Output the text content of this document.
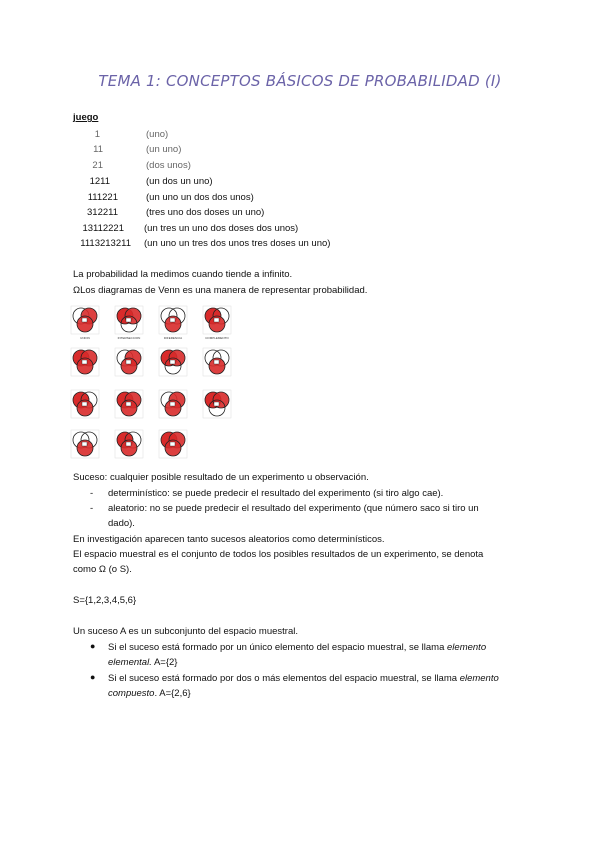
TEMA 1: CONCEPTOS BÁSICOS DE PROBABILIDAD (I)
juego
1	(uno)
11	(un uno)
21	(dos unos)
1211	(un dos un uno)
111221	(un uno un dos dos unos)
312211	(tres uno dos doses un uno)
13112221 (un tres un uno dos doses dos unos)
1113213211 (un uno un tres dos unos tres doses un uno)
La probabilidad la medimos cuando tiende a infinito.
ΩLos diagramas de Venn es una manera de representar probabilidad.
UNION	INTERSECCION	DIFERENCIA	COMPLEMENTO
Suceso: cualquier posible resultado de un experimento u observación.
- determinístico: se puede predecir el resultado del experimento (si tiro algo cae).
- aleatorio: no se puede predecir el resultado del experimento (que número saco si tiro un
dado).
En investigación aparecen tanto sucesos aleatorios como determinísticos.
El espacio muestral es el conjunto de todos los posibles resultados de un experimento, se denota
como Ω (o S).
S={1,2,3,4,5,6}
Un suceso A es un subconjunto del espacio muestral.
● Si el suceso está formado por un único elemento del espacio muestral, se llama elemento
elemental. A={2}
● Si el suceso está formado por dos o más elementos del espacio muestral, se llama elemento
compuesto. A={2,6}
